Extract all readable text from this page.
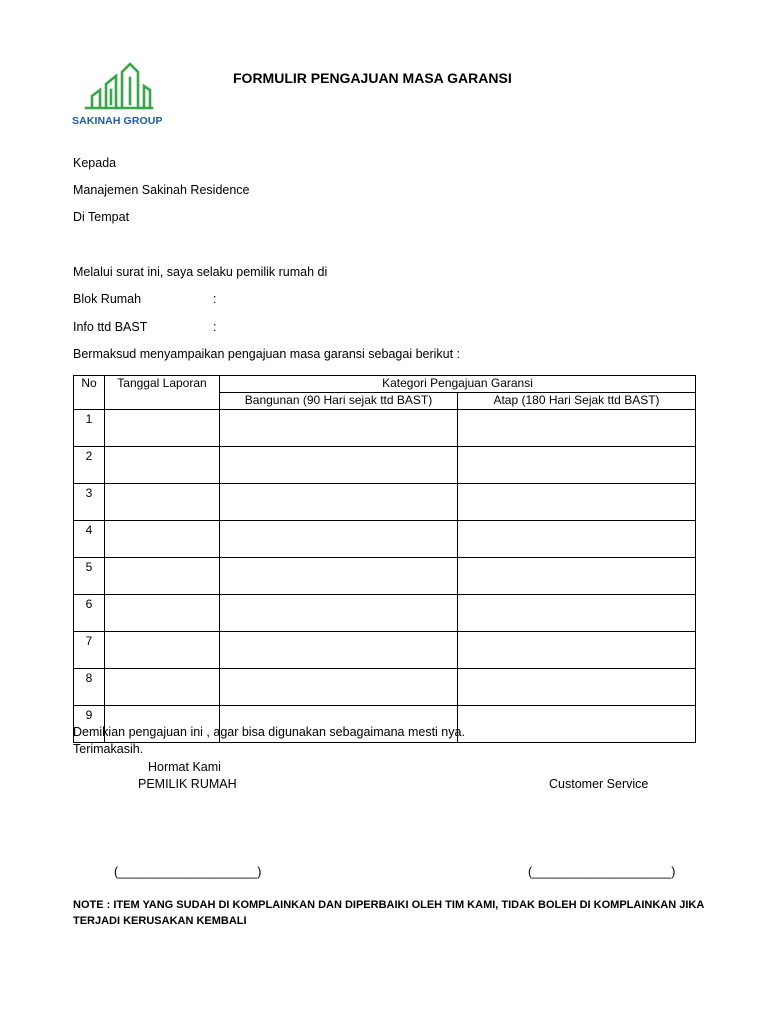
SAKINAH GROUP
FORMULIR PENGAJUAN MASA GARANSI
Kepada
Manajemen Sakinah Residence
Di Tempat
Melalui surat ini, saya selaku pemilik rumah di
Blok Rumah	:
Info ttd BAST	:
Bermaksud menyampaikan pengajuan masa garansi sebagai berikut :
No	Tanggal Laporan	Kategori Pengajuan Garansi	
		Bangunan (90 Hari sejak ttd BAST)	Atap (180 Hari Sejak ttd BAST)
1			
2			
3			
4			
5			
6			
7			
8			
9			
Demikian pengajuan ini , agar bisa digunakan sebagaimana mesti nya.
Terimakasih.
Hormat Kami
PEMILIK RUMAH	Customer Service
(____________________)	(____________________)
NOTE : ITEM YANG SUDAH DI KOMPLAINKAN DAN DIPERBAIKI OLEH TIM KAMI, TIDAK BOLEH DI KOMPLAINKAN JIKA TERJADI KERUSAKAN KEMBALI
